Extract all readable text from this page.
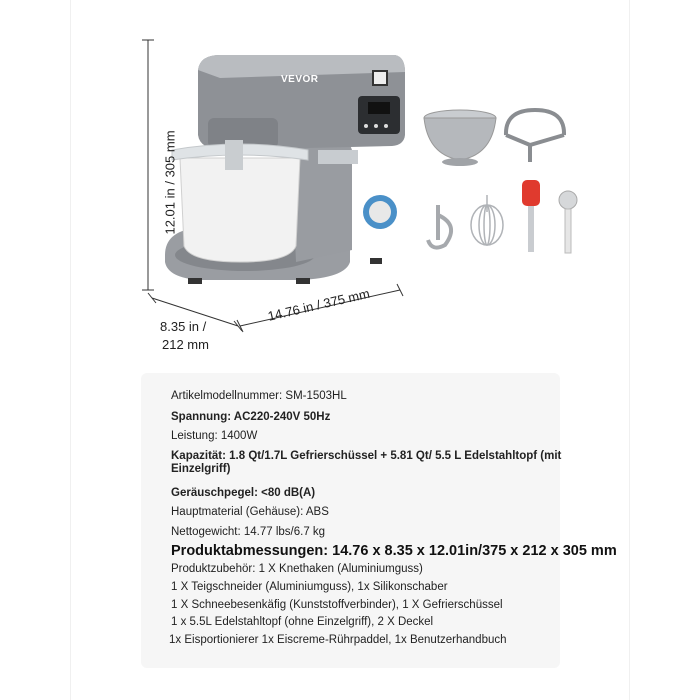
VEVOR
12.01 in / 305 mm
8.35 in /
212 mm
14.76 in / 375 mm
Artikelmodellnummer: SM-1503HL
Spannung: AC220-240V 50Hz
Leistung: 1400W
Kapazität: 1.8 Qt/1.7L Gefrierschüssel + 5.81 Qt/ 5.5 L Edelstahltopf (mit
Einzelgriff)
Geräuschpegel: <80 dB(A)
Hauptmaterial (Gehäuse): ABS
Nettogewicht: 14.77 lbs/6.7 kg
Produktabmessungen: 14.76 x 8.35 x 12.01in/375 x 212 x 305 mm
Produktzubehör: 1 X Knethaken (Aluminiumguss)
1 X Teigschneider (Aluminiumguss), 1x Silikonschaber
1 X Schneebesenkäfig (Kunststoffverbinder), 1 X Gefrierschüssel
1 x 5.5L Edelstahltopf (ohne Einzelgriff), 2 X Deckel
1x Eisportionierer 1x Eiscreme-Rührpaddel, 1x Benutzerhandbuch
